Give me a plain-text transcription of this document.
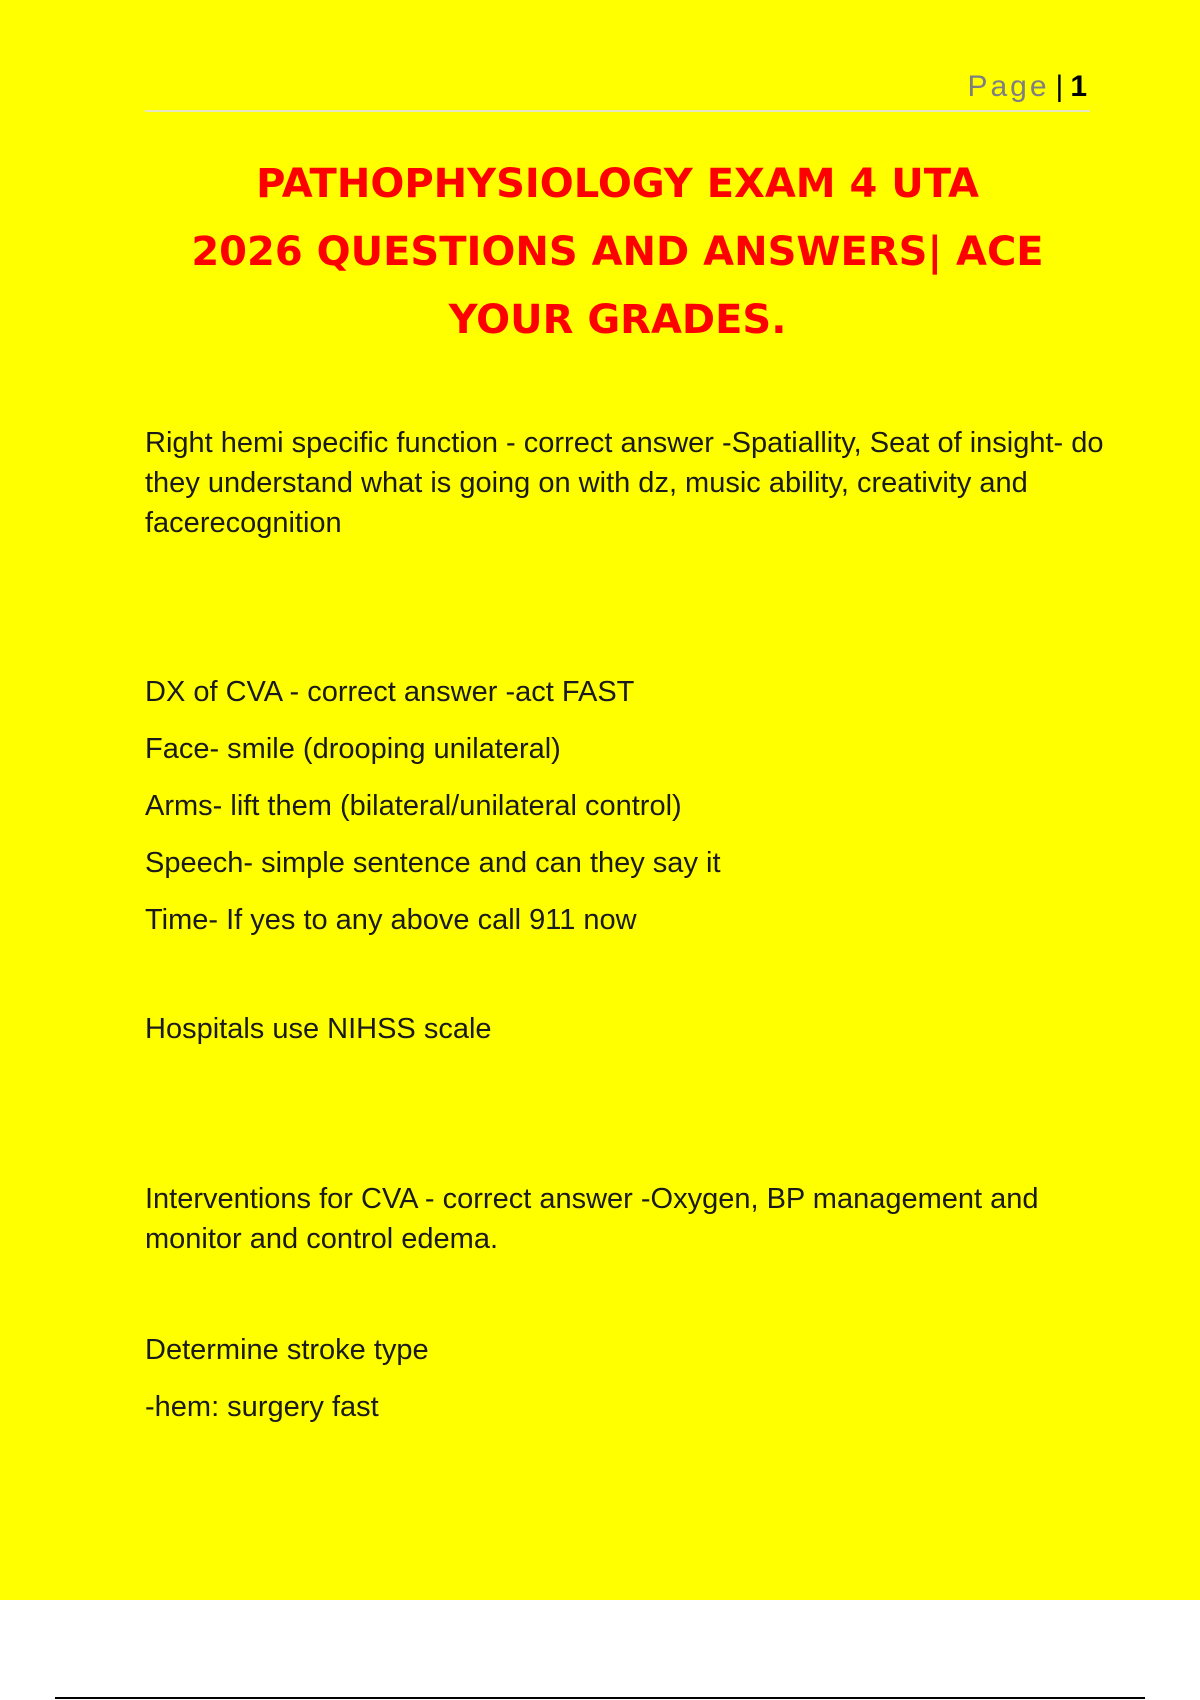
Page | 1
PATHOPHYSIOLOGY EXAM 4 UTA
2026 QUESTIONS AND ANSWERS| ACE
YOUR GRADES.

Right hemi specific function - correct answer -Spatiallity, Seat of insight- do they understand what is going on with dz, music ability, creativity and facerecognition

DX of CVA - correct answer -act FAST
Face- smile (drooping unilateral)
Arms- lift them (bilateral/unilateral control)
Speech- simple sentence and can they say it
Time- If yes to any above call 911 now

Hospitals use NIHSS scale

Interventions for CVA - correct answer -Oxygen, BP management and monitor and control edema.

Determine stroke type
-hem: surgery fast
